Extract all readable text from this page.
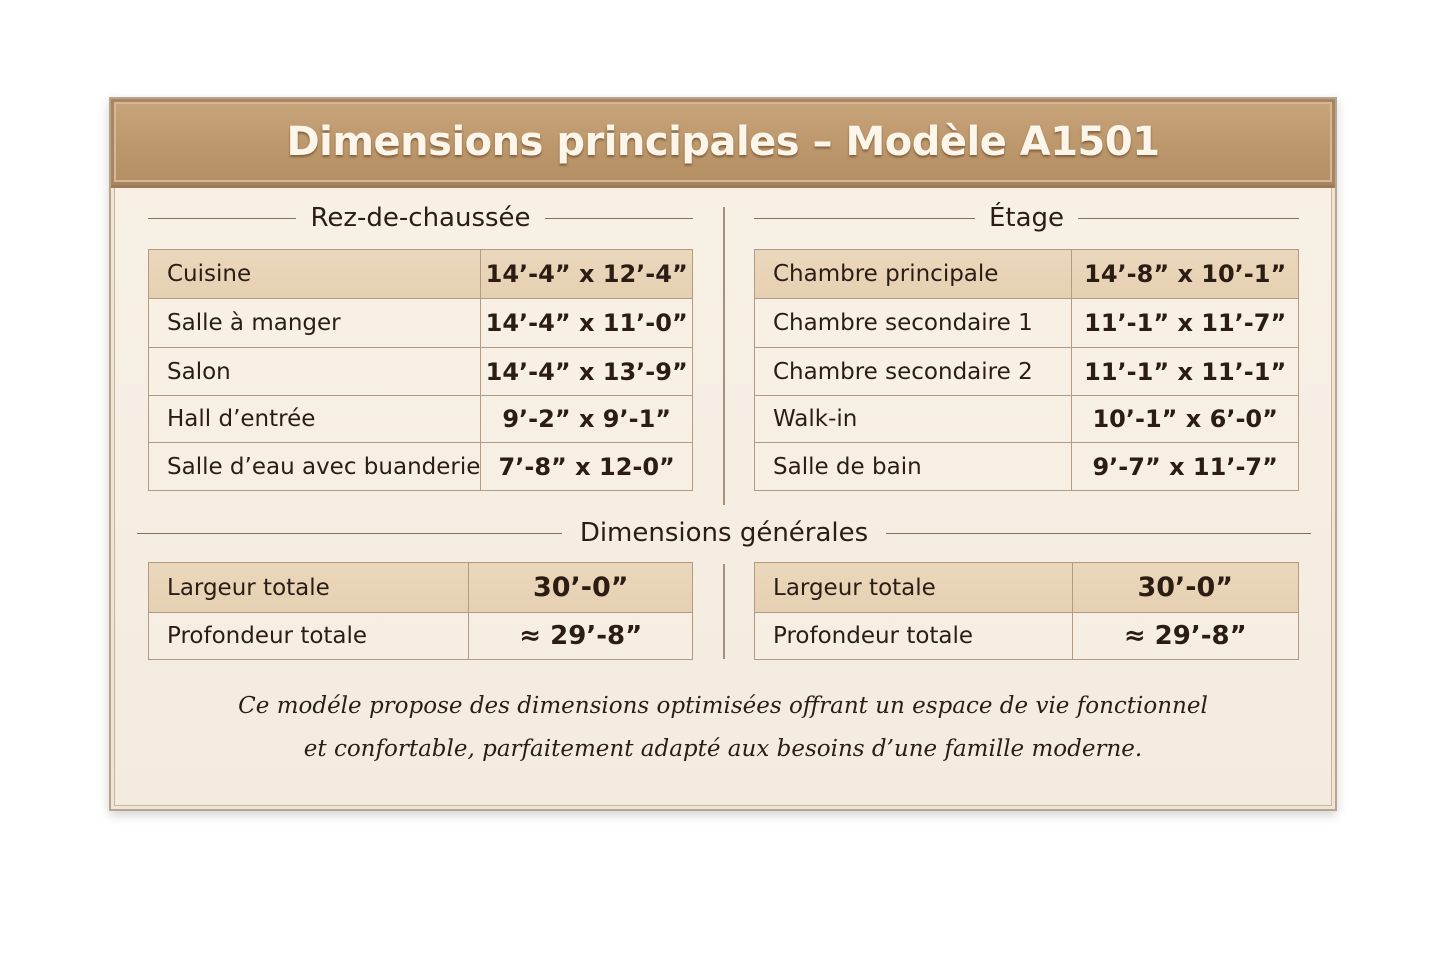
Dimensions principales – Modèle A1501
Rez-de-chaussée	Étage
Cuisine	14’-4” x 12’-4”
Salle à manger	14’-4” x 11’-0”
Salon	14’-4” x 13’-9”
Hall d’entrée	9’-2” x 9’-1”
Salle d’eau avec buanderie	7’-8” x 12-0”
Chambre principale	14’-8” x 10’-1”
Chambre secondaire 1	11’-1” x 11’-7”
Chambre secondaire 2	11’-1” x 11’-1”
Walk-in	10’-1” x 6’-0”
Salle de bain	9’-7” x 11’-7”
Dimensions générales
Largeur totale	30’-0”
Profondeur totale	≈ 29’-8”
Largeur totale	30’-0”
Profondeur totale	≈ 29’-8”
Ce modéle propose des dimensions optimisées offrant un espace de vie fonctionnel
et confortable, parfaitement adapté aux besoins d’une famille moderne.
